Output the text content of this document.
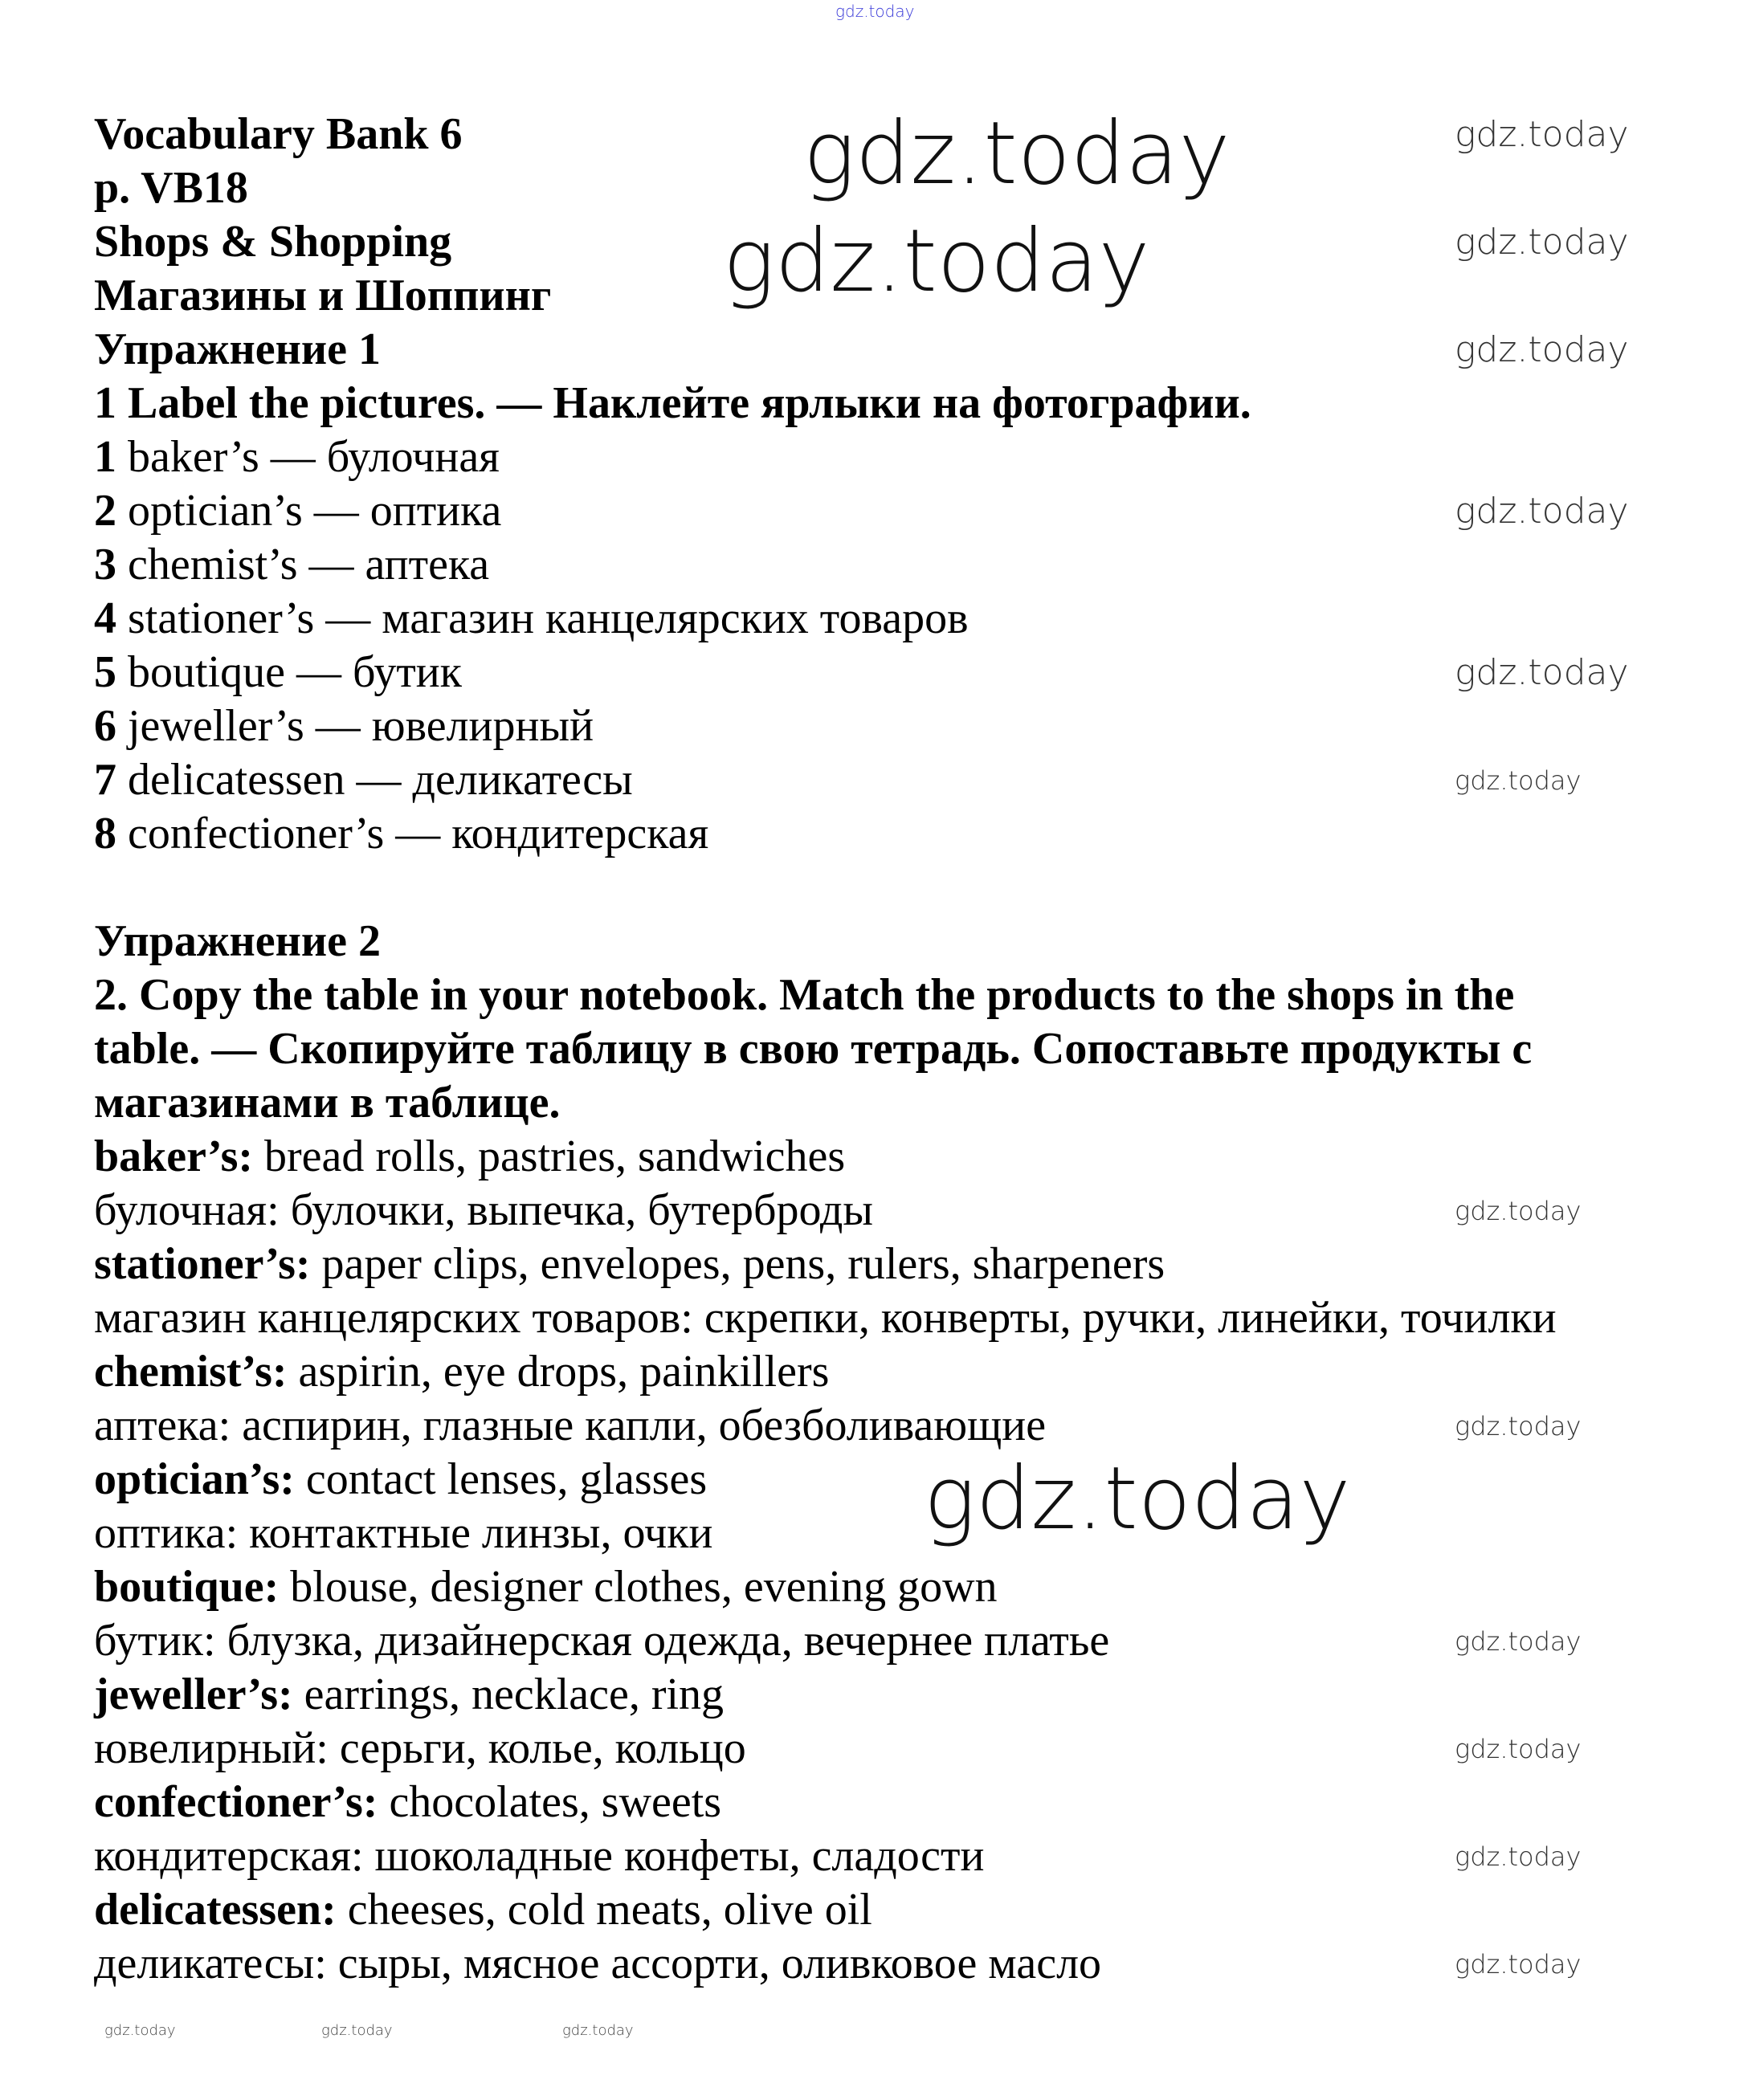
Vocabulary Bank 6
p. VB18
Shops & Shopping
Магазины и Шоппинг
Упражнение 1
1 Label the pictures. — Наклейте ярлыки на фотографии.
1 baker’s — булочная
2 optician’s — оптика
3 chemist’s — аптека
4 stationer’s — магазин канцелярских товаров
5 boutique — бутик
6 jeweller’s — ювелирный
7 delicatessen — деликатесы
8 confectioner’s — кондитерская
Упражнение 2
2. Copy the table in your notebook. Match the products to the shops in the
table. — Скопируйте таблицу в свою тетрадь. Сопоставьте продукты с
магазинами в таблице.
baker’s: bread rolls, pastries, sandwiches
булочная: булочки, выпечка, бутерброды
stationer’s: paper clips, envelopes, pens, rulers, sharpeners
магазин канцелярских товаров: скрепки, конверты, ручки, линейки, точилки
chemist’s: aspirin, eye drops, painkillers
аптека: аспирин, глазные капли, обезболивающие
optician’s: contact lenses, glasses
оптика: контактные линзы, очки
boutique: blouse, designer clothes, evening gown
бутик: блузка, дизайнерская одежда, вечернее платье
jeweller’s: earrings, necklace, ring
ювелирный: серьги, колье, кольцо
confectioner’s: chocolates, sweets
кондитерская: шоколадные конфеты, сладости
delicatessen: cheeses, cold meats, olive oil
деликатесы: сыры, мясное ассорти, оливковое масло
gdz.today
gdz.today
gdz.today
gdz.today
gdz.today
gdz.today
gdz.today
gdz.today
gdz.today
gdz.today
gdz.today
gdz.today
gdz.today
gdz.today
gdz.today
gdz.today
gdz.today	gdz.today	gdz.today
